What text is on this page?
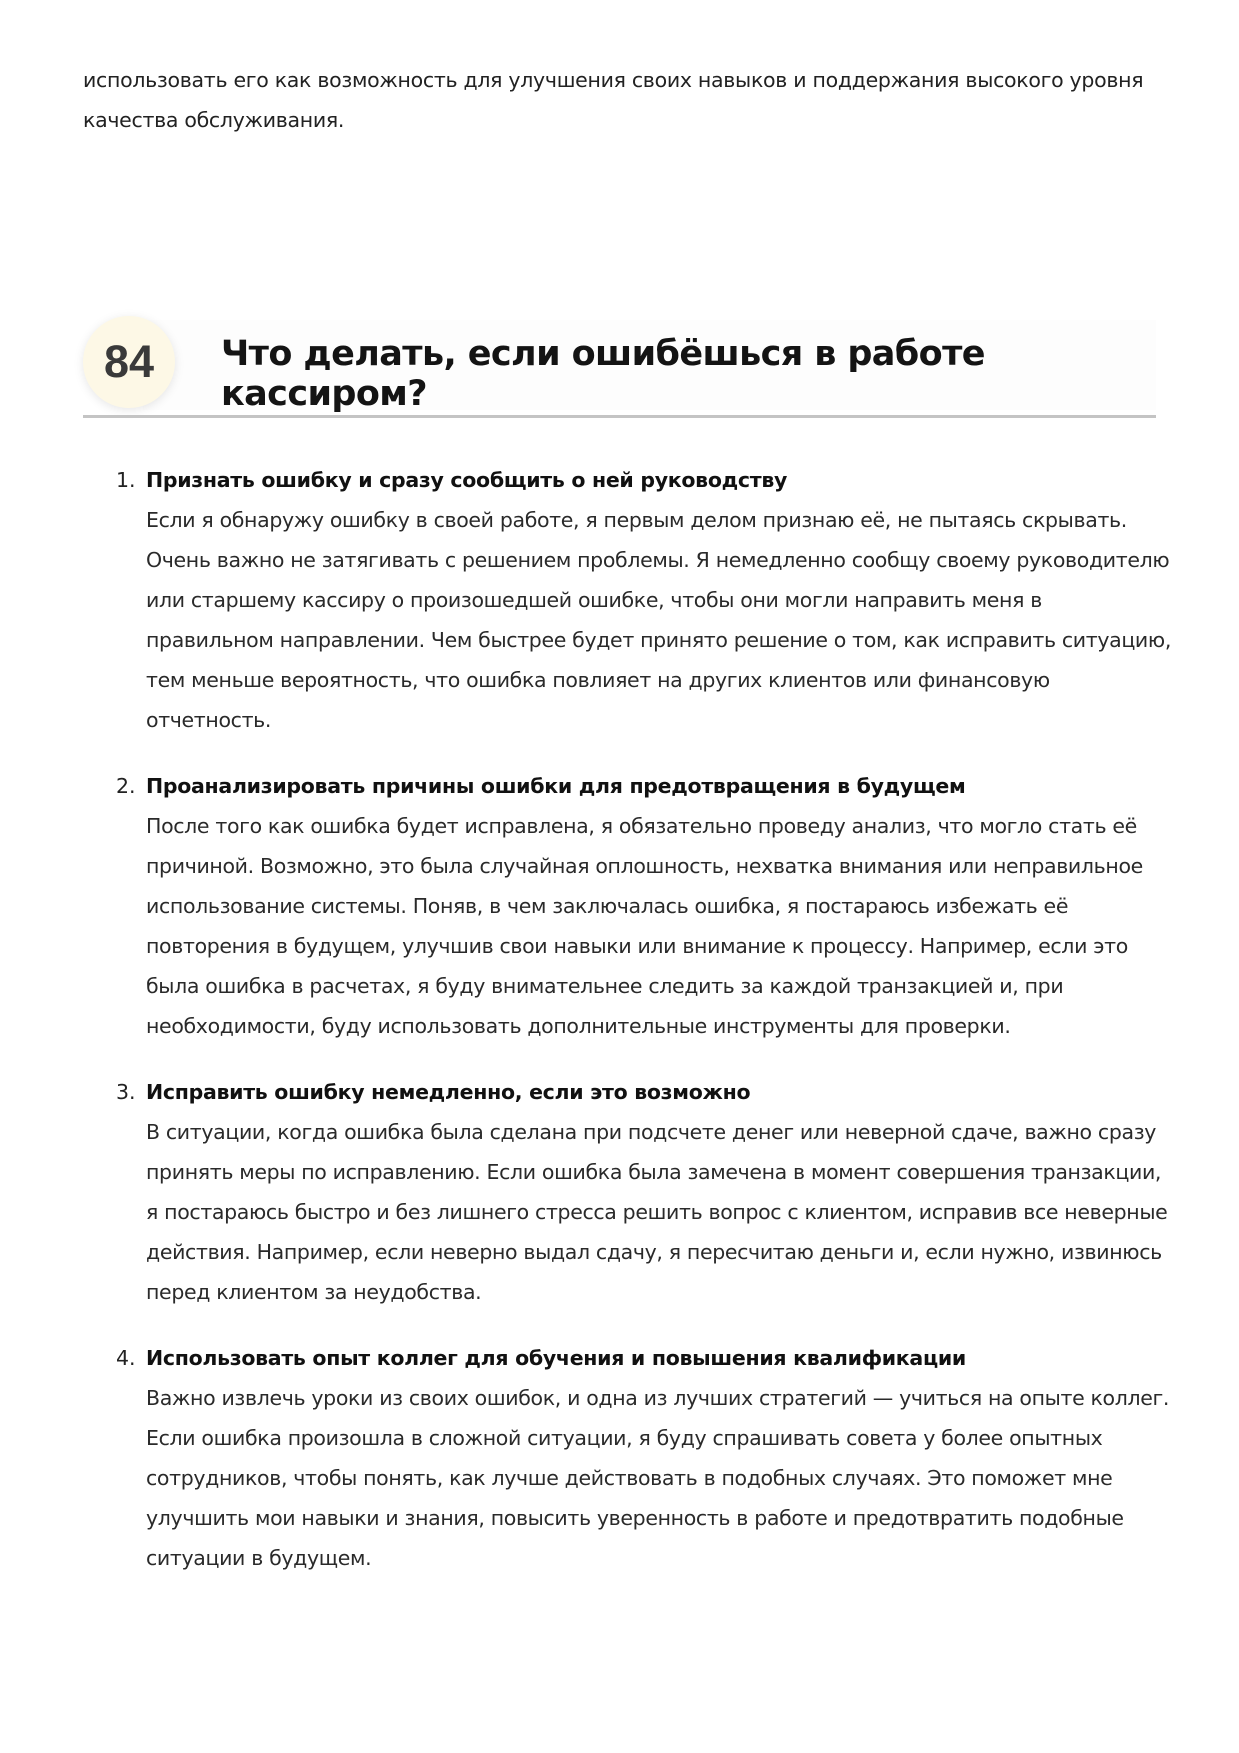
использовать его как возможность для улучшения своих навыков и поддержания высокого уровня качества обслуживания.
84	Что делать, если ошибёшься в работе кассиром?
1. Признать ошибку и сразу сообщить о ней руководству
Если я обнаружу ошибку в своей работе, я первым делом признаю её, не пытаясь скрывать. Очень важно не затягивать с решением проблемы. Я немедленно сообщу своему руководителю или старшему кассиру о произошедшей ошибке, чтобы они могли направить меня в правильном направлении. Чем быстрее будет принято решение о том, как исправить ситуацию, тем меньше вероятность, что ошибка повлияет на других клиентов или финансовую отчетность.
2. Проанализировать причины ошибки для предотвращения в будущем
После того как ошибка будет исправлена, я обязательно проведу анализ, что могло стать её причиной. Возможно, это была случайная оплошность, нехватка внимания или неправильное использование системы. Поняв, в чем заключалась ошибка, я постараюсь избежать её повторения в будущем, улучшив свои навыки или внимание к процессу. Например, если это была ошибка в расчетах, я буду внимательнее следить за каждой транзакцией и, при необходимости, буду использовать дополнительные инструменты для проверки.
3. Исправить ошибку немедленно, если это возможно
В ситуации, когда ошибка была сделана при подсчете денег или неверной сдаче, важно сразу принять меры по исправлению. Если ошибка была замечена в момент совершения транзакции, я постараюсь быстро и без лишнего стресса решить вопрос с клиентом, исправив все неверные действия. Например, если неверно выдал сдачу, я пересчитаю деньги и, если нужно, извинюсь перед клиентом за неудобства.
4. Использовать опыт коллег для обучения и повышения квалификации
Важно извлечь уроки из своих ошибок, и одна из лучших стратегий — учиться на опыте коллег. Если ошибка произошла в сложной ситуации, я буду спрашивать совета у более опытных сотрудников, чтобы понять, как лучше действовать в подобных случаях. Это поможет мне улучшить мои навыки и знания, повысить уверенность в работе и предотвратить подобные ситуации в будущем.
